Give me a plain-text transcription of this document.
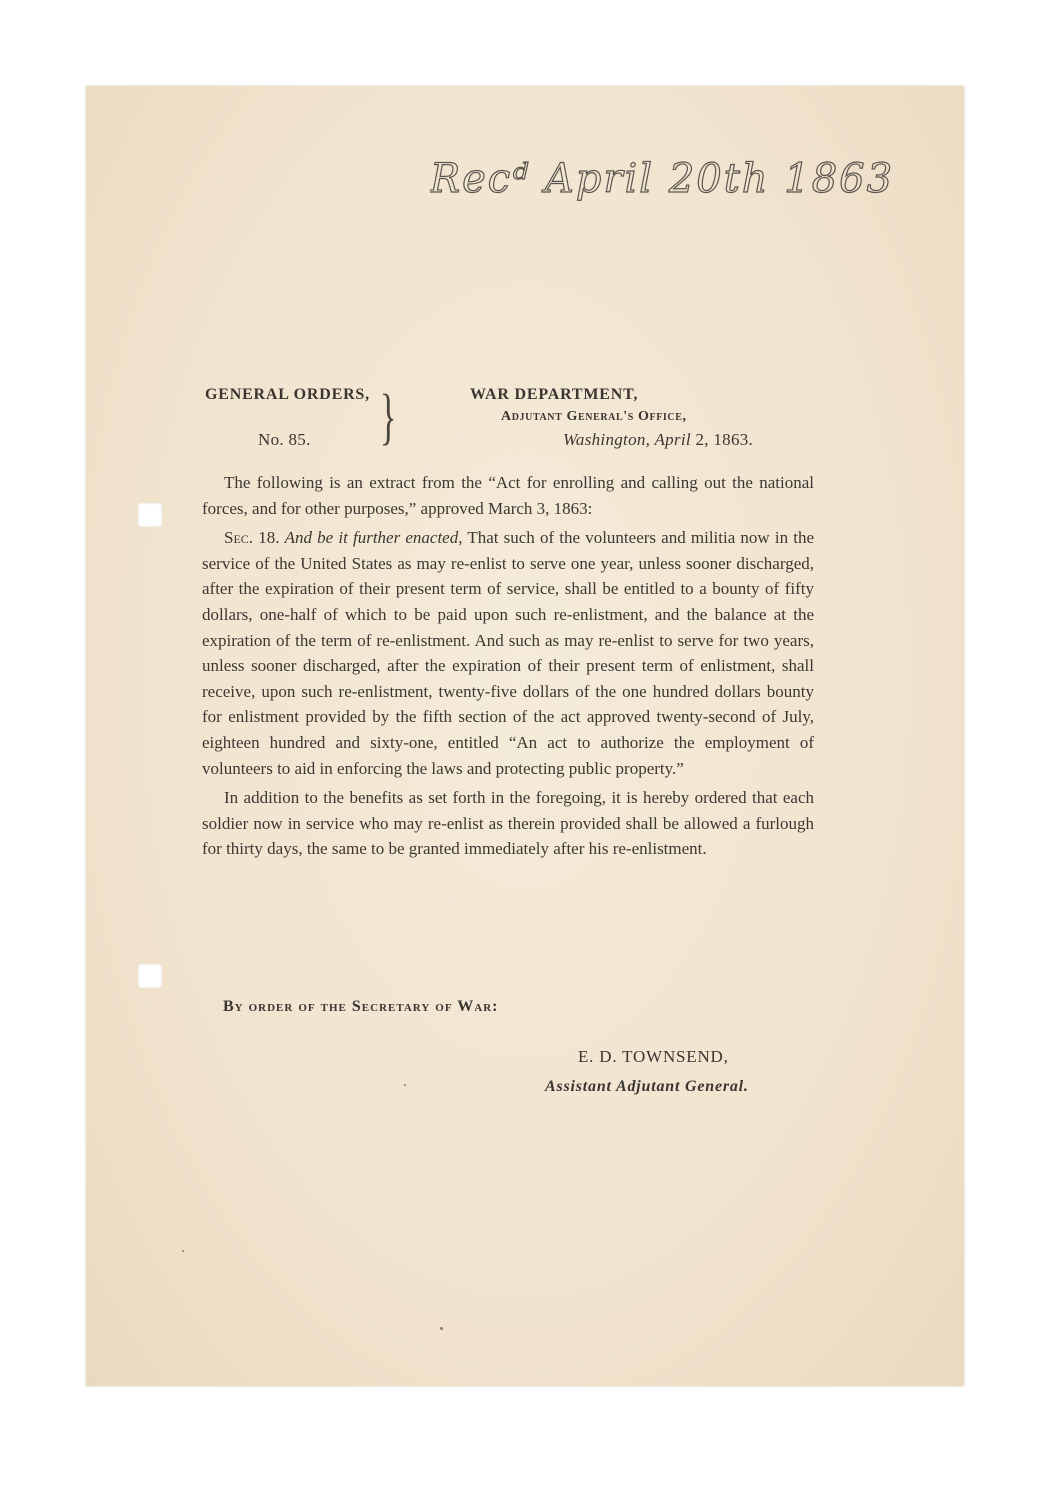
Recᵈ April 20th 1863
GENERAL ORDERS,
No. 85. }	WAR DEPARTMENT,
Adjutant General's Office,
Washington, April 2, 1863.

The following is an extract from the “Act for enrolling and calling out the national forces, and for other purposes,” approved March 3, 1863:

Sec. 18. And be it further enacted, That such of the volunteers and militia now in the service of the United States as may re-enlist to serve one year, unless sooner discharged, after the expiration of their present term of service, shall be entitled to a bounty of fifty dollars, one-half of which to be paid upon such re-enlistment, and the balance at the expiration of the term of re-enlistment. And such as may re-enlist to serve for two years, unless sooner discharged, after the expiration of their present term of enlistment, shall receive, upon such re-enlistment, twenty-five dollars of the one hundred dollars bounty for enlistment provided by the fifth section of the act approved twenty-second of July, eighteen hundred and sixty-one, entitled “An act to authorize the employment of volunteers to aid in enforcing the laws and protecting public property.”

In addition to the benefits as set forth in the foregoing, it is hereby ordered that each soldier now in service who may re-enlist as therein provided shall be allowed a furlough for thirty days, the same to be granted immediately after his re-enlistment.

By order of the Secretary of War:
E. D. TOWNSEND,
Assistant Adjutant General.
